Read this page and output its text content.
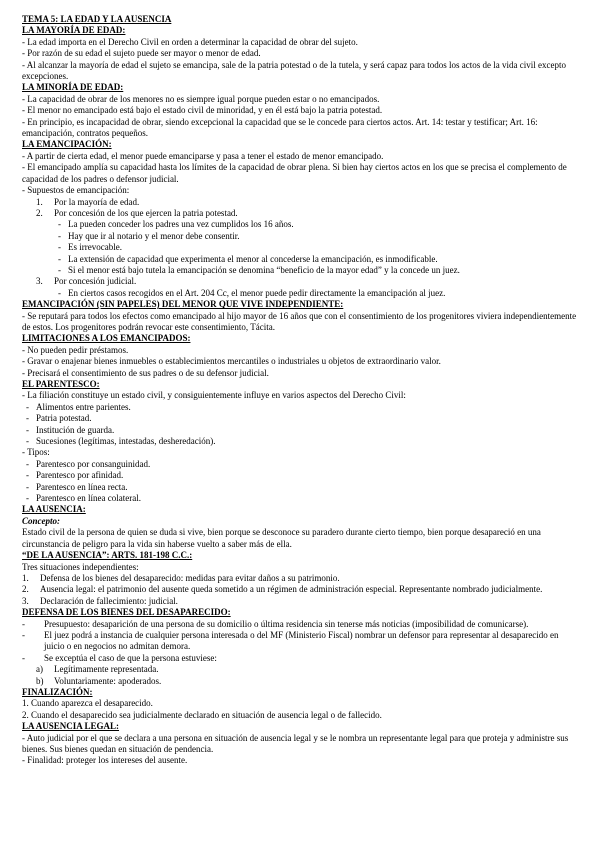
TEMA 5: LA EDAD Y LA AUSENCIA
LA MAYORÍA DE EDAD:
- La edad importa en el Derecho Civil en orden a determinar la capacidad de obrar del sujeto.
- Por razón de su edad el sujeto puede ser mayor o menor de edad.
- Al alcanzar la mayoría de edad el sujeto se emancipa, sale de la patria potestad o de la tutela, y será capaz para todos los actos de la vida civil excepto excepciones.
LA MINORÍA DE EDAD:
- La capacidad de obrar de los menores no es siempre igual porque pueden estar o no emancipados.
- El menor no emancipado está bajo el estado civil de minoridad, y en él está bajo la patria potestad.
- En principio, es incapacidad de obrar, siendo excepcional la capacidad que se le concede para ciertos actos. Art. 14: testar y testificar; Art. 16: emancipación, contratos pequeños.
LA EMANCIPACIÓN:
- A partir de cierta edad, el menor puede emanciparse y pasa a tener el estado de menor emancipado.
- El emancipado amplía su capacidad hasta los límites de la capacidad de obrar plena. Si bien hay ciertos actos en los que se precisa el complemento de capacidad de los padres o defensor judicial.
- Supuestos de emancipación:
1.	Por la mayoría de edad.
2.	Por concesión de los que ejercen la patria potestad.
- La pueden conceder los padres una vez cumplidos los 16 años.
- Hay que ir al notario y el menor debe consentir.
- Es irrevocable.
- La extensión de capacidad que experimenta el menor al concederse la emancipación, es inmodificable.
- Si el menor está bajo tutela la emancipación se denomina “beneficio de la mayor edad” y la concede un juez.
3.	Por concesión judicial.
- En ciertos casos recogidos en el Art. 204 Cc, el menor puede pedir directamente la emancipación al juez.
EMANCIPACIÓN (SIN PAPELES) DEL MENOR QUE VIVE INDEPENDIENTE:
- Se reputará para todos los efectos como emancipado al hijo mayor de 16 años que con el consentimiento de los progenitores viviera independientemente de estos. Los progenitores podrán revocar este consentimiento, Tácita.
LIMITACIONES A LOS EMANCIPADOS:
- No pueden pedir préstamos.
- Gravar o enajenar bienes inmuebles o establecimientos mercantiles o industriales u objetos de extraordinario valor.
- Precisará el consentimiento de sus padres o de su defensor judicial.
EL PARENTESCO:
- La filiación constituye un estado civil, y consiguientemente influye en varios aspectos del Derecho Civil:
- Alimentos entre parientes.
- Patria potestad.
- Institución de guarda.
- Sucesiones (legítimas, intestadas, desheredación).
- Tipos:
- Parentesco por consanguinidad.
- Parentesco por afinidad.
- Parentesco en línea recta.
- Parentesco en línea colateral.
LA AUSENCIA:
Concepto:
Estado civil de la persona de quien se duda si vive, bien porque se desconoce su paradero durante cierto tiempo, bien porque desapareció en una circunstancia de peligro para la vida sin haberse vuelto a saber más de ella.
“DE LA AUSENCIA”: ARTS. 181-198 C.C.:
Tres situaciones independientes:
1.	Defensa de los bienes del desaparecido: medidas para evitar daños a su patrimonio.
2.	Ausencia legal: el patrimonio del ausente queda sometido a un régimen de administración especial. Representante nombrado judicialmente.
3.	Declaración de fallecimiento: judicial.
DEFENSA DE LOS BIENES DEL DESAPARECIDO:
-	Presupuesto: desaparición de una persona de su domicilio o última residencia sin tenerse más noticias (imposibilidad de comunicarse).
-	El juez podrá a instancia de cualquier persona interesada o del MF (Ministerio Fiscal) nombrar un defensor para representar al desaparecido en juicio o en negocios no admitan demora.
-	Se exceptúa el caso de que la persona estuviese:
a)	Legítimamente representada.
b)	Voluntariamente: apoderados.
FINALIZACIÓN:
1. Cuando aparezca el desaparecido.
2. Cuando el desaparecido sea judicialmente declarado en situación de ausencia legal o de fallecido.
LA AUSENCIA LEGAL:
- Auto judicial por el que se declara a una persona en situación de ausencia legal y se le nombra un representante legal para que proteja y administre sus bienes. Sus bienes quedan en situación de pendencia.
- Finalidad: proteger los intereses del ausente.
